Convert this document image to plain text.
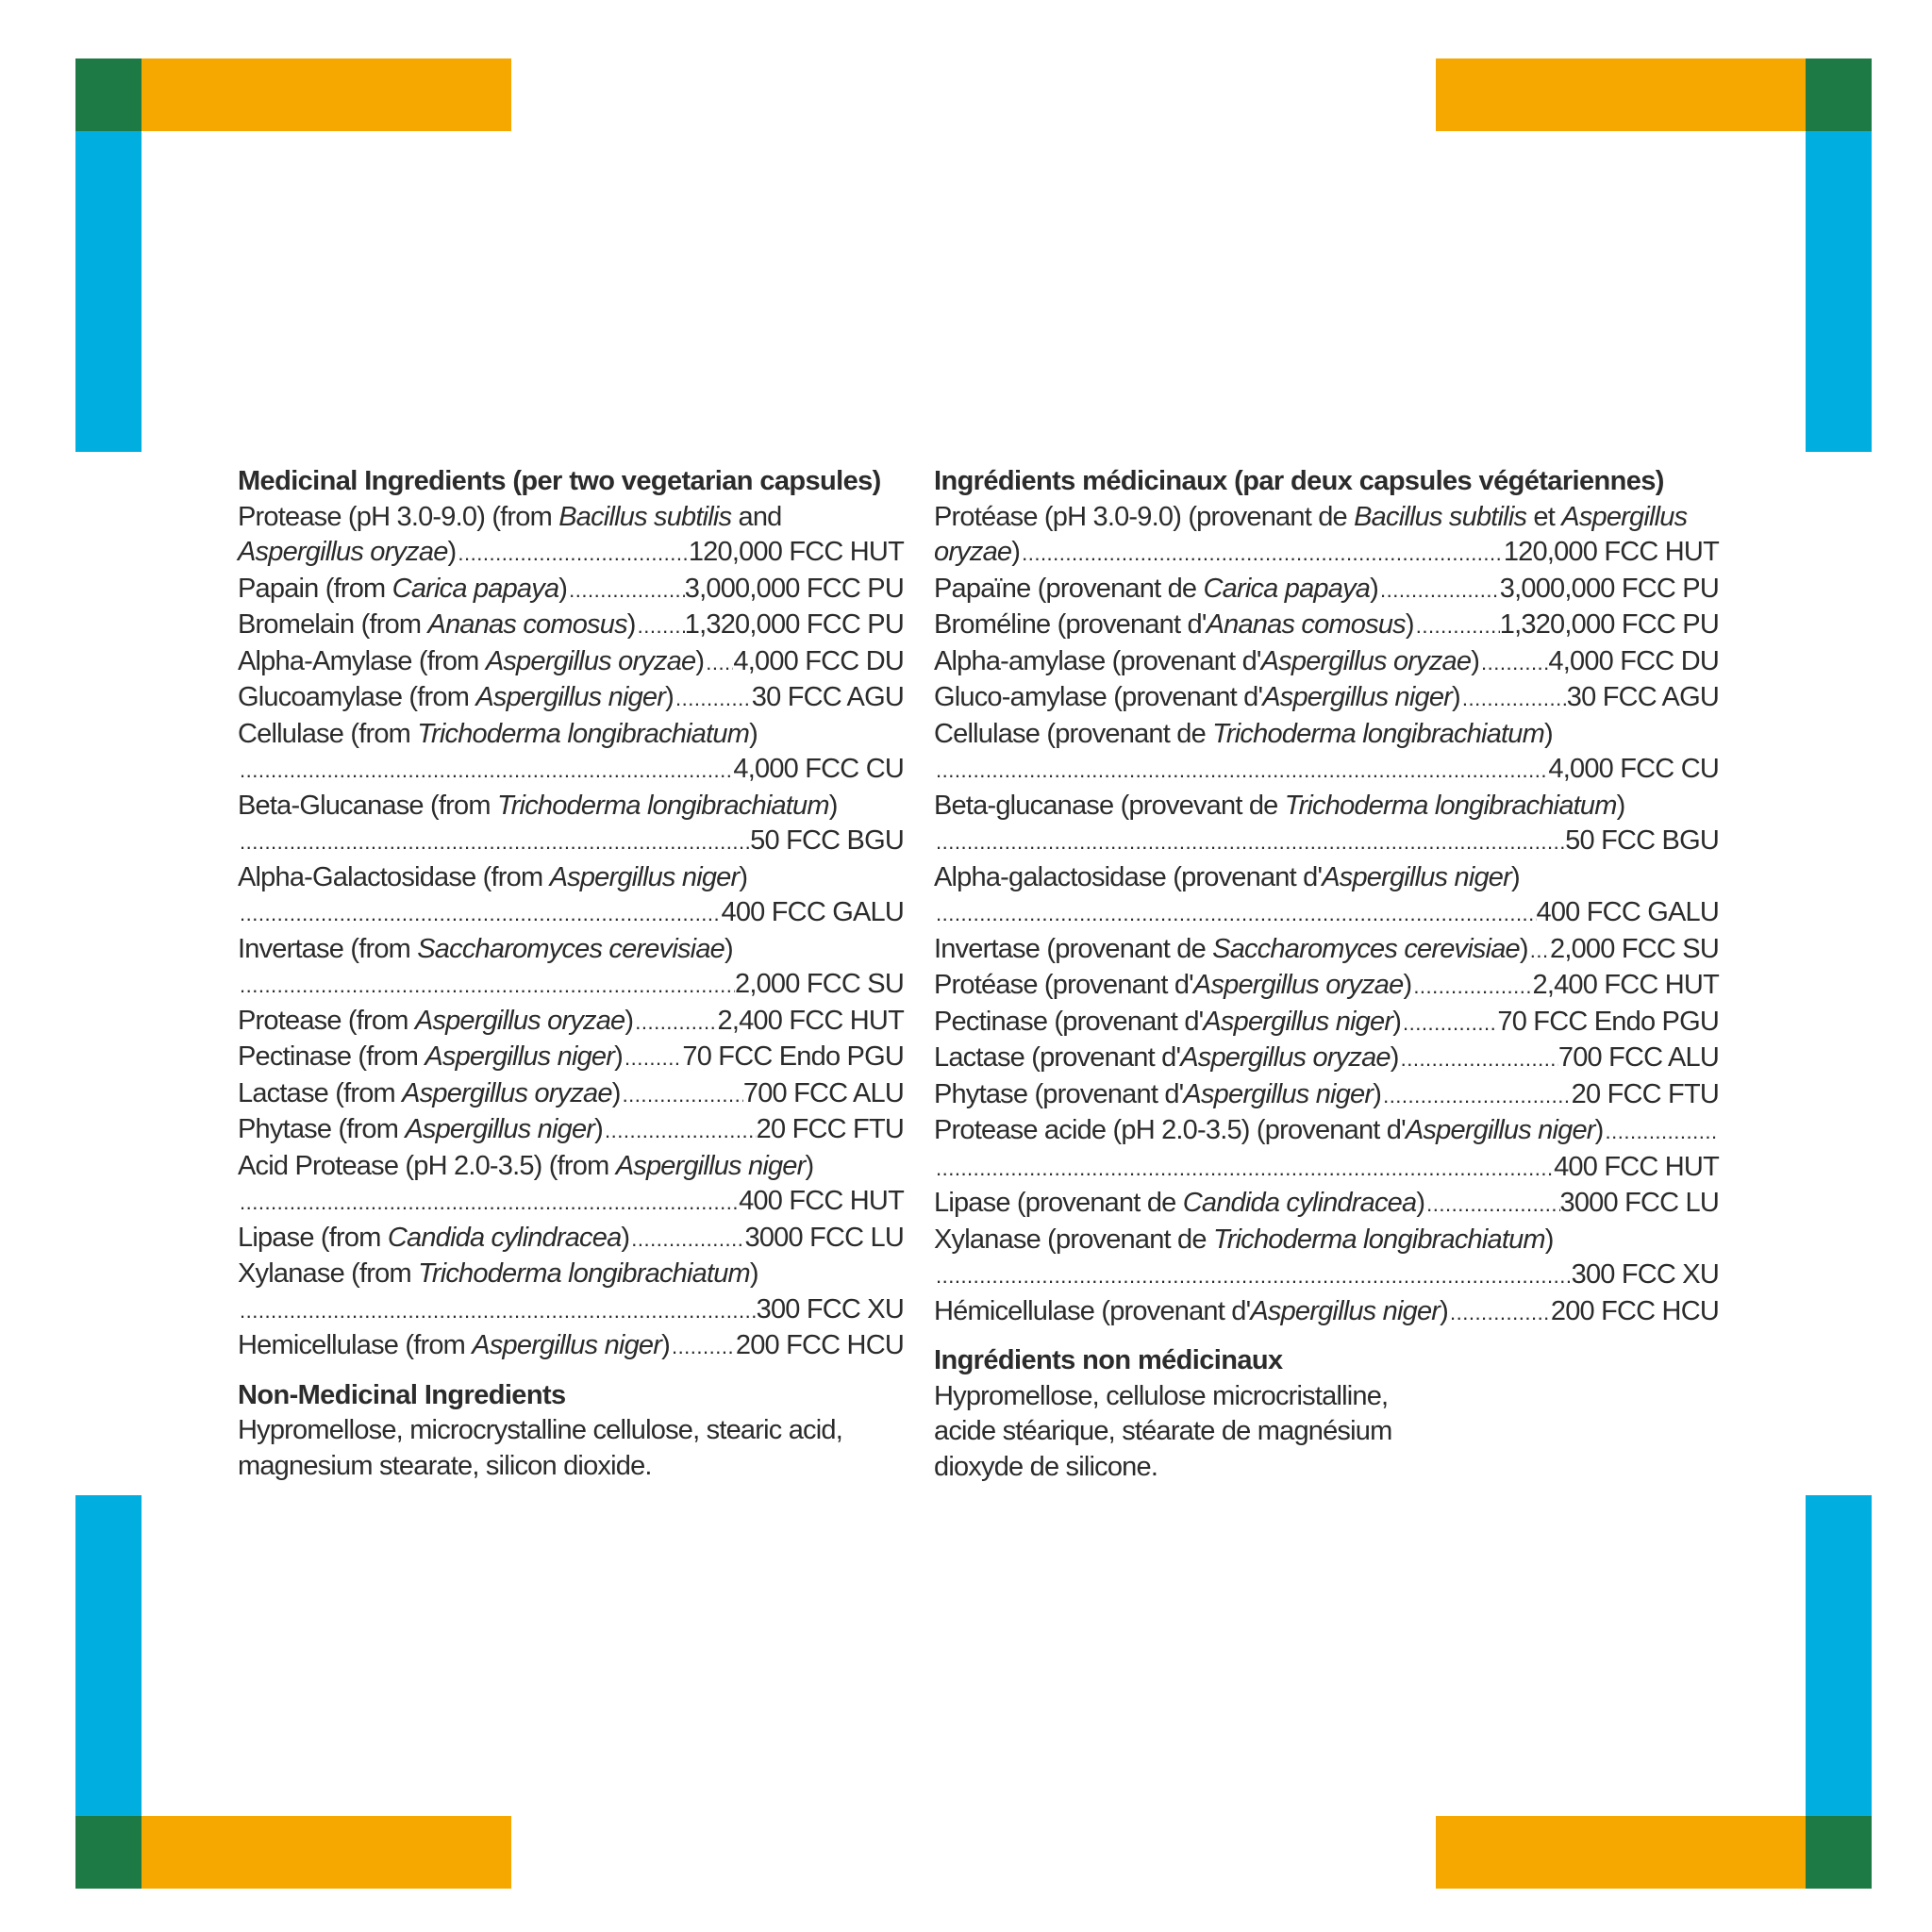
Medicinal Ingredients (per two vegetarian capsules)
Protease (pH 3.0-9.0) (from Bacillus subtilis and
Aspergillus oryzae) .....	120,000 FCC HUT
Papain (from Carica papaya) .....	3,000,000 FCC PU
Bromelain (from Ananas comosus) ..... 1,320,000 FCC PU
Alpha-Amylase (from Aspergillus oryzae) ..... 4,000 FCC DU
Glucoamylase (from Aspergillus niger) .....	30 FCC AGU
Cellulase (from Trichoderma longibrachiatum)
.....
4,000 FCC CU
Beta-Glucanase (from Trichoderma longibrachiatum)
.....
50 FCC BGU
Alpha-Galactosidase (from Aspergillus niger)
.....
400 FCC GALU
Invertase (from Saccharomyces cerevisiae)
.....
2,000 FCC SU
Protease (from Aspergillus oryzae) .....	2,400 FCC HUT
Pectinase (from Aspergillus niger) ..... 70 FCC Endo PGU
Lactase (from Aspergillus oryzae) .....	700 FCC ALU
Phytase (from Aspergillus niger) .....	20 FCC FTU
Acid Protease (pH 2.0-3.5) (from Aspergillus niger)
.....
400 FCC HUT
Lipase (from Candida cylindracea) .....	3000 FCC LU
Xylanase (from Trichoderma longibrachiatum)
.....
300 FCC XU
Hemicellulase (from Aspergillus niger) ..... 200 FCC HCU
Non-Medicinal Ingredients
Hypromellose, microcrystalline cellulose, stearic acid,
magnesium stearate, silicon dioxide.
Ingrédients médicinaux (par deux capsules végétariennes)
Protéase (pH 3.0-9.0) (provenant de Bacillus subtilis et Aspergillus
oryzae) .....	120,000 FCC HUT
Papaïne (provenant de Carica papaya) .....	3,000,000 FCC PU
Broméline (provenant d'Ananas comosus) .....	1,320,000 FCC PU
Alpha-amylase (provenant d'Aspergillus oryzae) .....	4,000 FCC DU
Gluco-amylase (provenant d'Aspergillus niger) .....	30 FCC AGU
Cellulase (provenant de Trichoderma longibrachiatum)
.....
4,000 FCC CU
Beta-glucanase (provevant de Trichoderma longibrachiatum)
.....
50 FCC BGU
Alpha-galactosidase (provenant d'Aspergillus niger)
.....
400 FCC GALU
Invertase (provenant de Saccharomyces cerevisiae) ..... 2,000 FCC SU
Protéase (provenant d'Aspergillus oryzae) .....	2,400 FCC HUT
Pectinase (provenant d'Aspergillus niger) .....	70 FCC Endo PGU
Lactase (provenant d'Aspergillus oryzae) .....	700 FCC ALU
Phytase (provenant d'Aspergillus niger) .....	20 FCC FTU
Protease acide (pH 2.0-3.5) (provenant d'Aspergillus niger)
.....
.....
400 FCC HUT
Lipase (provenant de Candida cylindracea) .....	3000 FCC LU
Xylanase (provenant de Trichoderma longibrachiatum)
.....
300 FCC XU
Hémicellulase (provenant d'Aspergillus niger) .....	200 FCC HCU
Ingrédients non médicinaux
Hypromellose, cellulose microcristalline,
acide stéarique, stéarate de magnésium
dioxyde de silicone.
